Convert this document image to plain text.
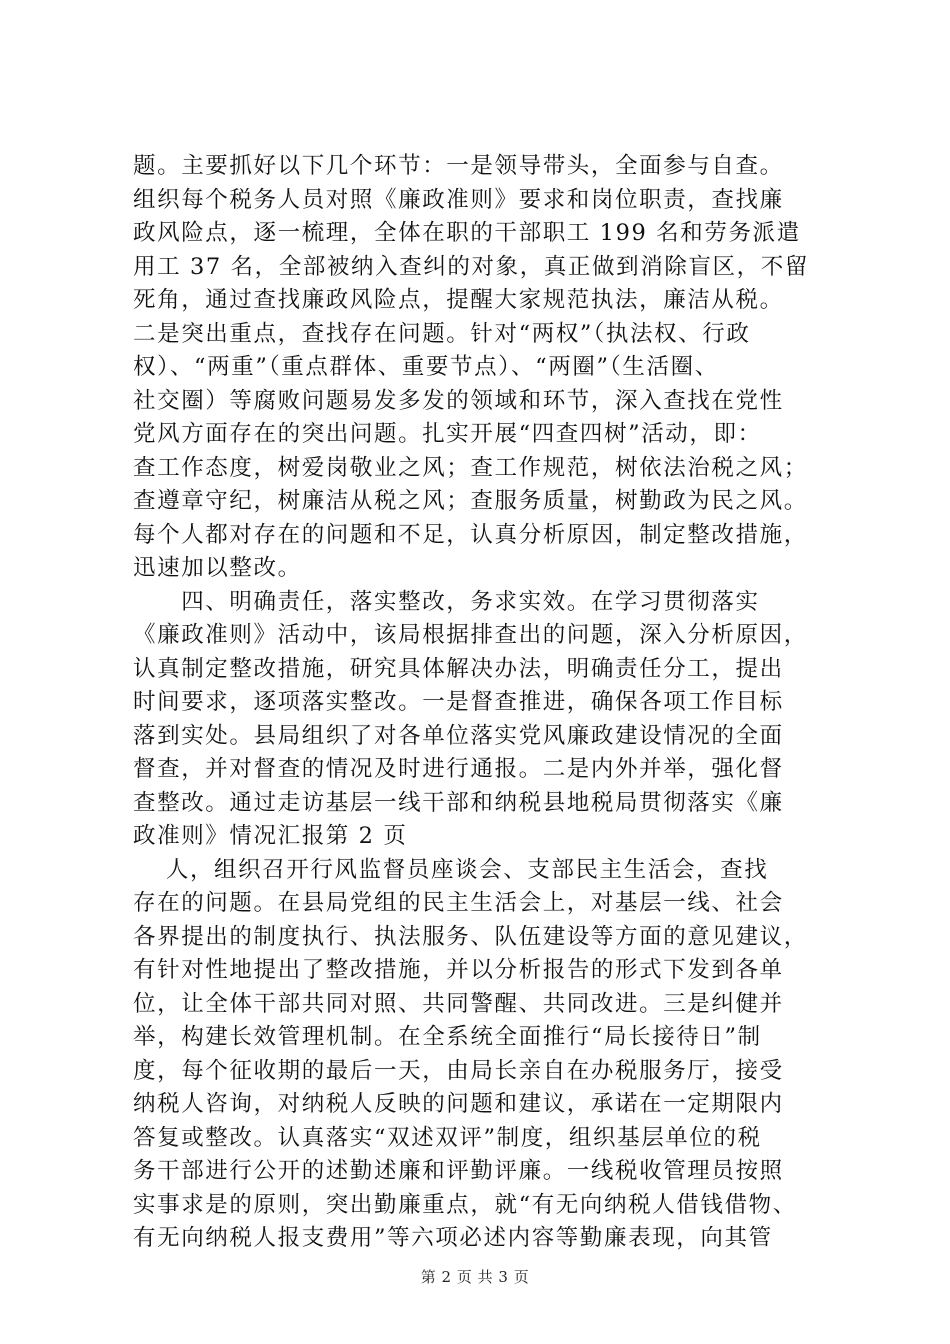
题。主要抓好以下几个环节：一是领导带头，全面参与自查。
组织每个税务人员对照《廉政准则》要求和岗位职责，查找廉
政风险点，逐一梳理，全体在职的干部职工 199 名和劳务派遣
用工 37 名，全部被纳入查纠的对象，真正做到消除盲区，不留
死角，通过查找廉政风险点，提醒大家规范执法，廉洁从税。
二是突出重点，查找存在问题。针对“两权”（执法权、行政
权）、“两重”（重点群体、重要节点）、“两圈”（生活圈、
社交圈）等腐败问题易发多发的领域和环节，深入查找在党性
党风方面存在的突出问题。扎实开展“四查四树”活动，即：
查工作态度，树爱岗敬业之风；查工作规范，树依法治税之风；
查遵章守纪，树廉洁从税之风；查服务质量，树勤政为民之风。
每个人都对存在的问题和不足，认真分析原因，制定整改措施，
迅速加以整改。
　　四、明确责任，落实整改，务求实效。在学习贯彻落实
《廉政准则》活动中，该局根据排查出的问题，深入分析原因，
认真制定整改措施，研究具体解决办法，明确责任分工，提出
时间要求，逐项落实整改。一是督查推进，确保各项工作目标
落到实处。县局组织了对各单位落实党风廉政建设情况的全面
督查，并对督查的情况及时进行通报。二是内外并举，强化督
查整改。通过走访基层一线干部和纳税县地税局贯彻落实《廉
政准则》情况汇报第 2 页
　 人，组织召开行风监督员座谈会、支部民主生活会，查找
存在的问题。在县局党组的民主生活会上，对基层一线、社会
各界提出的制度执行、执法服务、队伍建设等方面的意见建议，
有针对性地提出了整改措施，并以分析报告的形式下发到各单
位，让全体干部共同对照、共同警醒、共同改进。三是纠健并
举，构建长效管理机制。在全系统全面推行“局长接待日”制
度，每个征收期的最后一天，由局长亲自在办税服务厅，接受
纳税人咨询，对纳税人反映的问题和建议，承诺在一定期限内
答复或整改。认真落实“双述双评”制度，组织基层单位的税
务干部进行公开的述勤述廉和评勤评廉。一线税收管理员按照
实事求是的原则，突出勤廉重点，就“有无向纳税人借钱借物、
有无向纳税人报支费用”等六项必述内容等勤廉表现，向其管
第 2 页 共 3 页
